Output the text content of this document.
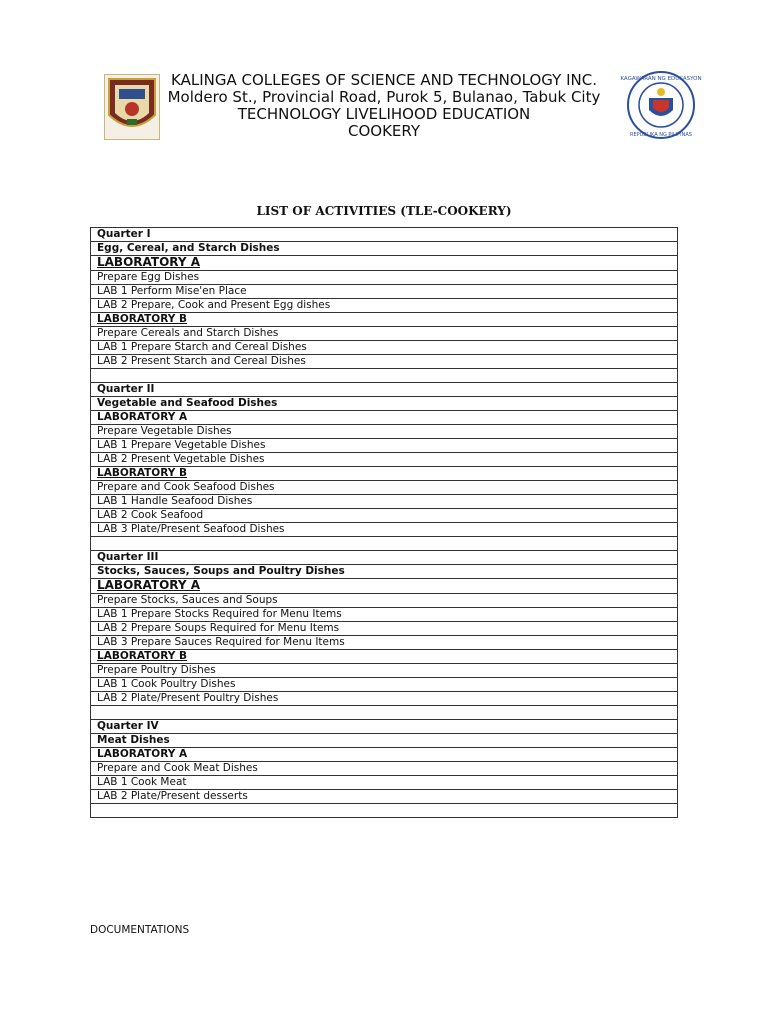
KAGAWARAN NG EDUKASYON
REPUBLIKA NG PILIPINAS
KALINGA COLLEGES OF SCIENCE AND TECHNOLOGY INC.
Moldero St., Provincial Road, Purok 5, Bulanao, Tabuk City
TECHNOLOGY LIVELIHOOD EDUCATION
COOKERY
LIST OF ACTIVITIES (TLE-COOKERY)
Quarter I
Egg, Cereal, and Starch Dishes
LABORATORY A
Prepare Egg Dishes
LAB 1 Perform Mise'en Place
LAB 2 Prepare, Cook and Present Egg dishes
LABORATORY B
Prepare Cereals and Starch Dishes
LAB 1 Prepare Starch and Cereal Dishes
LAB 2 Present Starch and Cereal Dishes

Quarter II
Vegetable and Seafood Dishes
LABORATORY A
Prepare Vegetable Dishes
LAB 1 Prepare Vegetable Dishes
LAB 2 Present Vegetable Dishes
LABORATORY B
Prepare and Cook Seafood Dishes
LAB 1 Handle Seafood Dishes
LAB 2 Cook Seafood
LAB 3 Plate/Present Seafood Dishes

Quarter III
Stocks, Sauces, Soups and Poultry Dishes
LABORATORY A
Prepare Stocks, Sauces and Soups
LAB 1 Prepare Stocks Required for Menu Items
LAB 2 Prepare Soups Required for Menu Items
LAB 3 Prepare Sauces Required for Menu Items
LABORATORY B
Prepare Poultry Dishes
LAB 1 Cook Poultry Dishes
LAB 2 Plate/Present Poultry Dishes

Quarter IV
Meat Dishes
LABORATORY A
Prepare and Cook Meat Dishes
LAB 1 Cook Meat
LAB 2 Plate/Present desserts

DOCUMENTATIONS
